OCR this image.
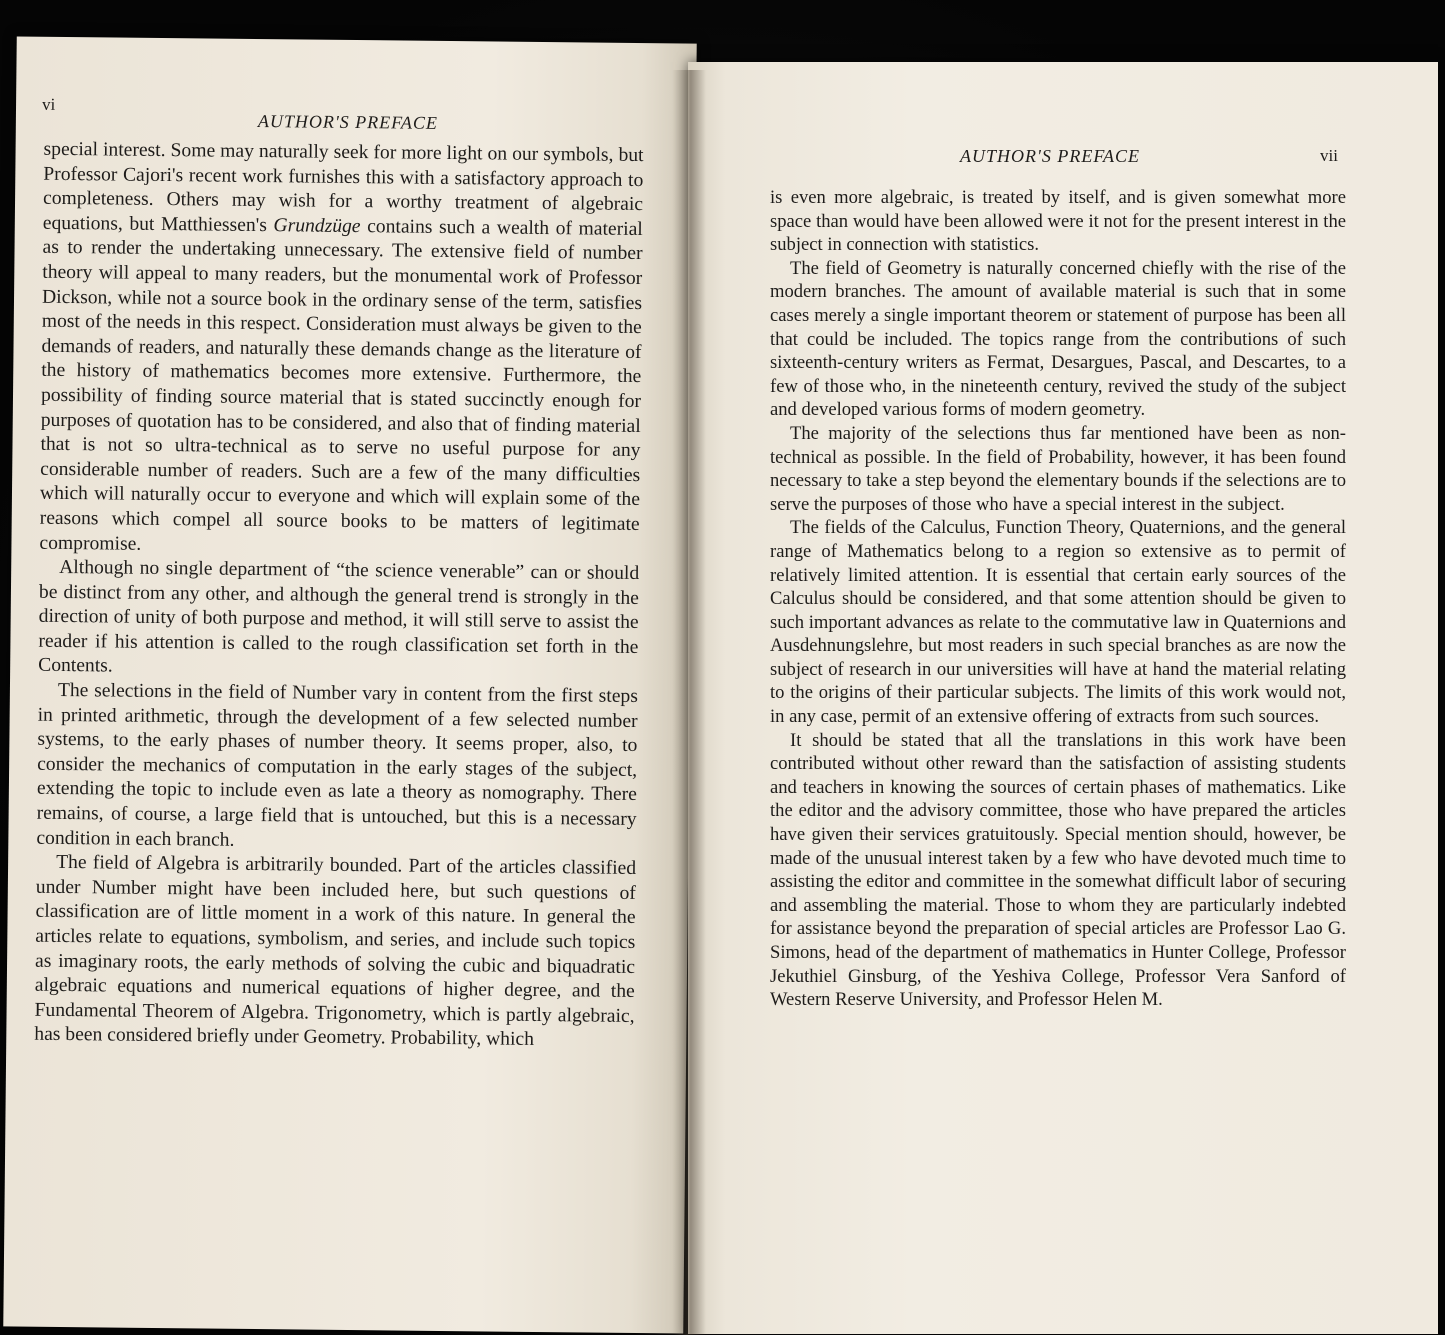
vi
AUTHOR'S PREFACE

special interest. Some may naturally seek for more light on our symbols, but Professor Cajori's recent work furnishes this with a satisfactory approach to completeness. Others may wish for a worthy treatment of algebraic equations, but Matthiessen's Grundzüge contains such a wealth of material as to render the undertaking unnecessary. The extensive field of number theory will appeal to many readers, but the monumental work of Professor Dickson, while not a source book in the ordinary sense of the term, satisfies most of the needs in this respect. Consideration must always be given to the demands of readers, and naturally these demands change as the literature of the history of mathematics becomes more extensive. Furthermore, the possibility of finding source material that is stated succinctly enough for purposes of quotation has to be considered, and also that of finding material that is not so ultra-technical as to serve no useful purpose for any considerable number of readers. Such are a few of the many difficulties which will naturally occur to everyone and which will explain some of the reasons which compel all source books to be matters of legitimate compromise.

Although no single department of “the science venerable” can or should be distinct from any other, and although the general trend is strongly in the direction of unity of both purpose and method, it will still serve to assist the reader if his attention is called to the rough classification set forth in the Contents.

The selections in the field of Number vary in content from the first steps in printed arithmetic, through the development of a few selected number systems, to the early phases of number theory. It seems proper, also, to consider the mechanics of computation in the early stages of the subject, extending the topic to include even as late a theory as nomography. There remains, of course, a large field that is untouched, but this is a necessary condition in each branch.

The field of Algebra is arbitrarily bounded. Part of the articles classified under Number might have been included here, but such questions of classification are of little moment in a work of this nature. In general the articles relate to equations, symbolism, and series, and include such topics as imaginary roots, the early methods of solving the cubic and biquadratic algebraic equations and numerical equations of higher degree, and the Fundamental Theorem of Algebra. Trigonometry, which is partly algebraic, has been considered briefly under Geometry. Probability, which

AUTHOR'S PREFACE	vii

is even more algebraic, is treated by itself, and is given somewhat more space than would have been allowed were it not for the present interest in the subject in connection with statistics.

The field of Geometry is naturally concerned chiefly with the rise of the modern branches. The amount of available material is such that in some cases merely a single important theorem or statement of purpose has been all that could be included. The topics range from the contributions of such sixteenth-century writers as Fermat, Desargues, Pascal, and Descartes, to a few of those who, in the nineteenth century, revived the study of the subject and developed various forms of modern geometry.

The majority of the selections thus far mentioned have been as non-technical as possible. In the field of Probability, however, it has been found necessary to take a step beyond the elementary bounds if the selections are to serve the purposes of those who have a special interest in the subject.

The fields of the Calculus, Function Theory, Quaternions, and the general range of Mathematics belong to a region so extensive as to permit of relatively limited attention. It is essential that certain early sources of the Calculus should be considered, and that some attention should be given to such important advances as relate to the commutative law in Quaternions and Ausdehnungslehre, but most readers in such special branches as are now the subject of research in our universities will have at hand the material relating to the origins of their particular subjects. The limits of this work would not, in any case, permit of an extensive offering of extracts from such sources.

It should be stated that all the translations in this work have been contributed without other reward than the satisfaction of assisting students and teachers in knowing the sources of certain phases of mathematics. Like the editor and the advisory committee, those who have prepared the articles have given their services gratuitously. Special mention should, however, be made of the unusual interest taken by a few who have devoted much time to assisting the editor and committee in the somewhat difficult labor of securing and assembling the material. Those to whom they are particularly indebted for assistance beyond the preparation of special articles are Professor Lao G. Simons, head of the department of mathematics in Hunter College, Professor Jekuthiel Ginsburg, of the Yeshiva College, Professor Vera Sanford of Western Reserve University, and Professor Helen M.
